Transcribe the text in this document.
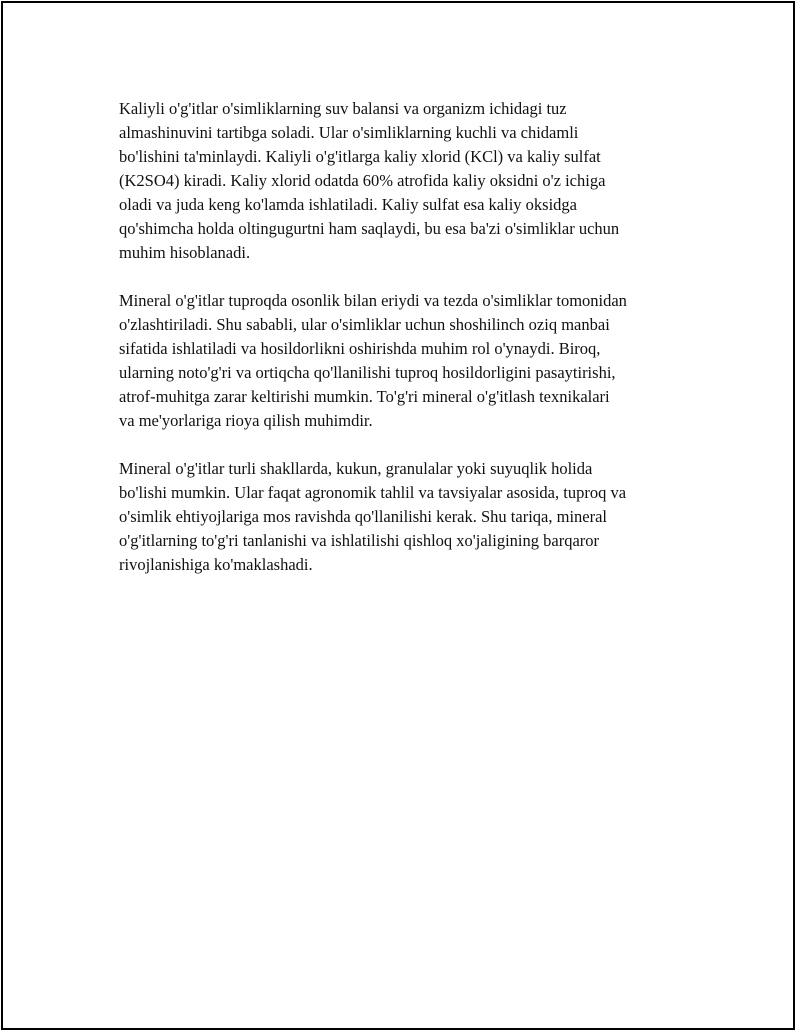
Kaliyli o'g'itlar o'simliklarning suv balansi va organizm ichidagi tuz
almashinuvini tartibga soladi. Ular o'simliklarning kuchli va chidamli
bo'lishini ta'minlaydi. Kaliyli o'g'itlarga kaliy xlorid (KCl) va kaliy sulfat
(K2SO4) kiradi. Kaliy xlorid odatda 60% atrofida kaliy oksidni o'z ichiga
oladi va juda keng ko'lamda ishlatiladi. Kaliy sulfat esa kaliy oksidga
qo'shimcha holda oltingugurtni ham saqlaydi, bu esa ba'zi o'simliklar uchun
muhim hisoblanadi.

Mineral o'g'itlar tuproqda osonlik bilan eriydi va tezda o'simliklar tomonidan
o'zlashtiriladi. Shu sababli, ular o'simliklar uchun shoshilinch oziq manbai
sifatida ishlatiladi va hosildorlikni oshirishda muhim rol o'ynaydi. Biroq,
ularning noto'g'ri va ortiqcha qo'llanilishi tuproq hosildorligini pasaytirishi,
atrof-muhitga zarar keltirishi mumkin. To'g'ri mineral o'g'itlash texnikalari
va me'yorlariga rioya qilish muhimdir.

Mineral o'g'itlar turli shakllarda, kukun, granulalar yoki suyuqlik holida
bo'lishi mumkin. Ular faqat agronomik tahlil va tavsiyalar asosida, tuproq va
o'simlik ehtiyojlariga mos ravishda qo'llanilishi kerak. Shu tariqa, mineral
o'g'itlarning to'g'ri tanlanishi va ishlatilishi qishloq xo'jaligining barqaror
rivojlanishiga ko'maklashadi.
